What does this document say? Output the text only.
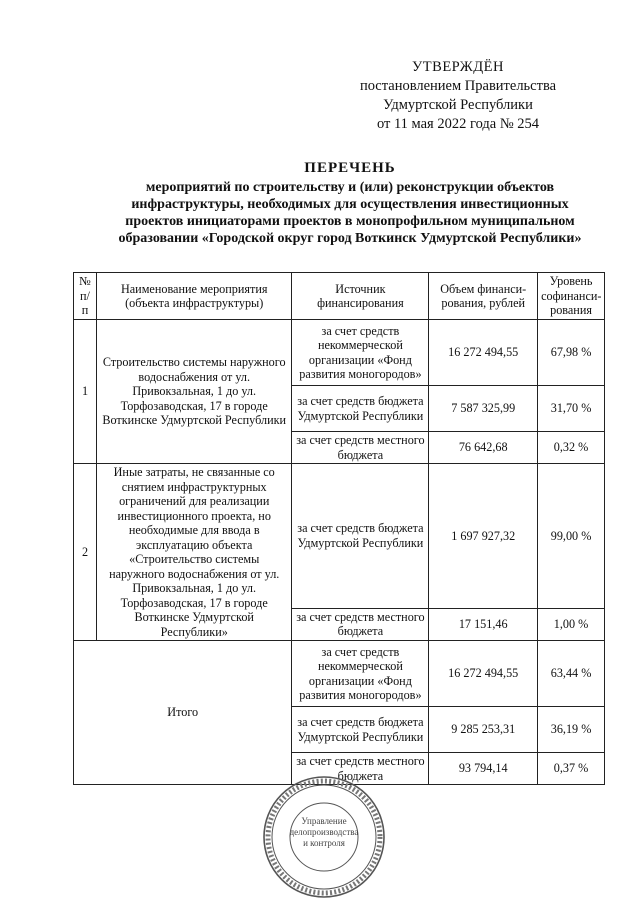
УТВЕРЖДЁН
постановлением Правительства
Удмуртской Республики
от 11 мая 2022 года № 254
ПЕРЕЧЕНЬ
мероприятий по строительству и (или) реконструкции объектов
инфраструктуры, необходимых для осуществления инвестиционных
проектов инициаторами проектов в монопрофильном муниципальном
образовании «Городской округ город Воткинск Удмуртской Республики»
№ п/п	Наименование мероприятия (объекта инфраструктуры)	Источник финансирования	Объем финанси-рования, рублей	Уровень софинанси-рования
1	Строительство системы наружного водоснабжения от ул. Привокзальная, 1 до ул. Торфозаводская, 17 в городе Воткинске Удмуртской Республики	за счет средств некоммерческой организации «Фонд развития моногородов»	16 272 494,55	67,98 %
		за счет средств бюджета Удмуртской Республики	7 587 325,99	31,70 %
		за счет средств местного бюджета	76 642,68	0,32 %
2	Иные затраты, не связанные со снятием инфраструктурных ограничений для реализации инвестиционного проекта, но необходимые для ввода в эксплуатацию объекта «Строительство системы наружного водоснабжения от ул. Привокзальная, 1 до ул. Торфозаводская, 17 в городе Воткинске Удмуртской Республики»	за счет средств бюджета Удмуртской Республики	1 697 927,32	99,00 %
		за счет средств местного бюджета	17 151,46	1,00 %
Итого		за счет средств некоммерческой организации «Фонд развития моногородов»	16 272 494,55	63,44 %
		за счет средств бюджета Удмуртской Республики	9 285 253,31	36,19 %
		за счет средств местного бюджета	93 794,14	0,37 %
Управление
делопроизводства
и контроля
